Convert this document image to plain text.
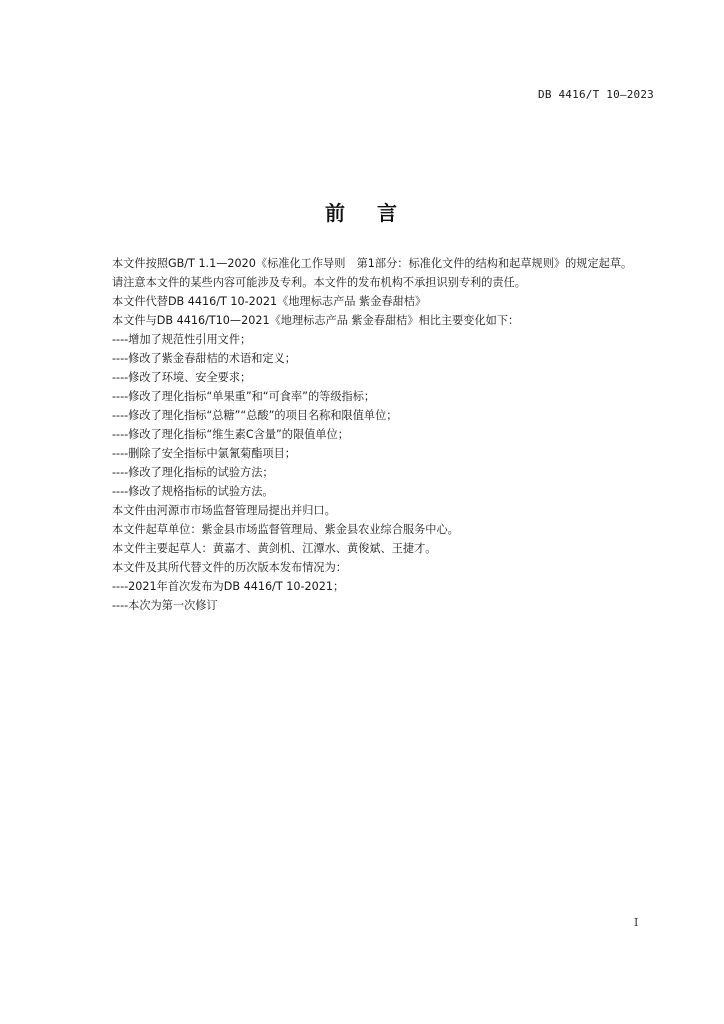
DB 4416/T 10—2023
前 言

本文件按照GB/T 1.1—2020《标准化工作导则　第1部分：标准化文件的结构和起草规则》的规定起草。

请注意本文件的某些内容可能涉及专利。本文件的发布机构不承担识别专利的责任。

本文件代替DB 4416/T 10-2021《地理标志产品 紫金春甜桔》

本文件与DB 4416/T10—2021《地理标志产品 紫金春甜桔》相比主要变化如下：

----增加了规范性引用文件；

----修改了紫金春甜桔的术语和定义；

----修改了环境、安全要求；

----修改了理化指标“单果重”和“可食率”的等级指标；

----修改了理化指标“总糖”“总酸”的项目名称和限值单位；

----修改了理化指标“维生素C含量”的限值单位；

----删除了安全指标中氯氰菊酯项目；

----修改了理化指标的试验方法；

----修改了规格指标的试验方法。

本文件由河源市市场监督管理局提出并归口。

本文件起草单位：紫金县市场监督管理局、紫金县农业综合服务中心。

本文件主要起草人：黄嘉才、黄剑机、江潭水、黄俊斌、王捷才。

本文件及其所代替文件的历次版本发布情况为：

----2021年首次发布为DB 4416/T 10-2021；

----本次为第一次修订

I
